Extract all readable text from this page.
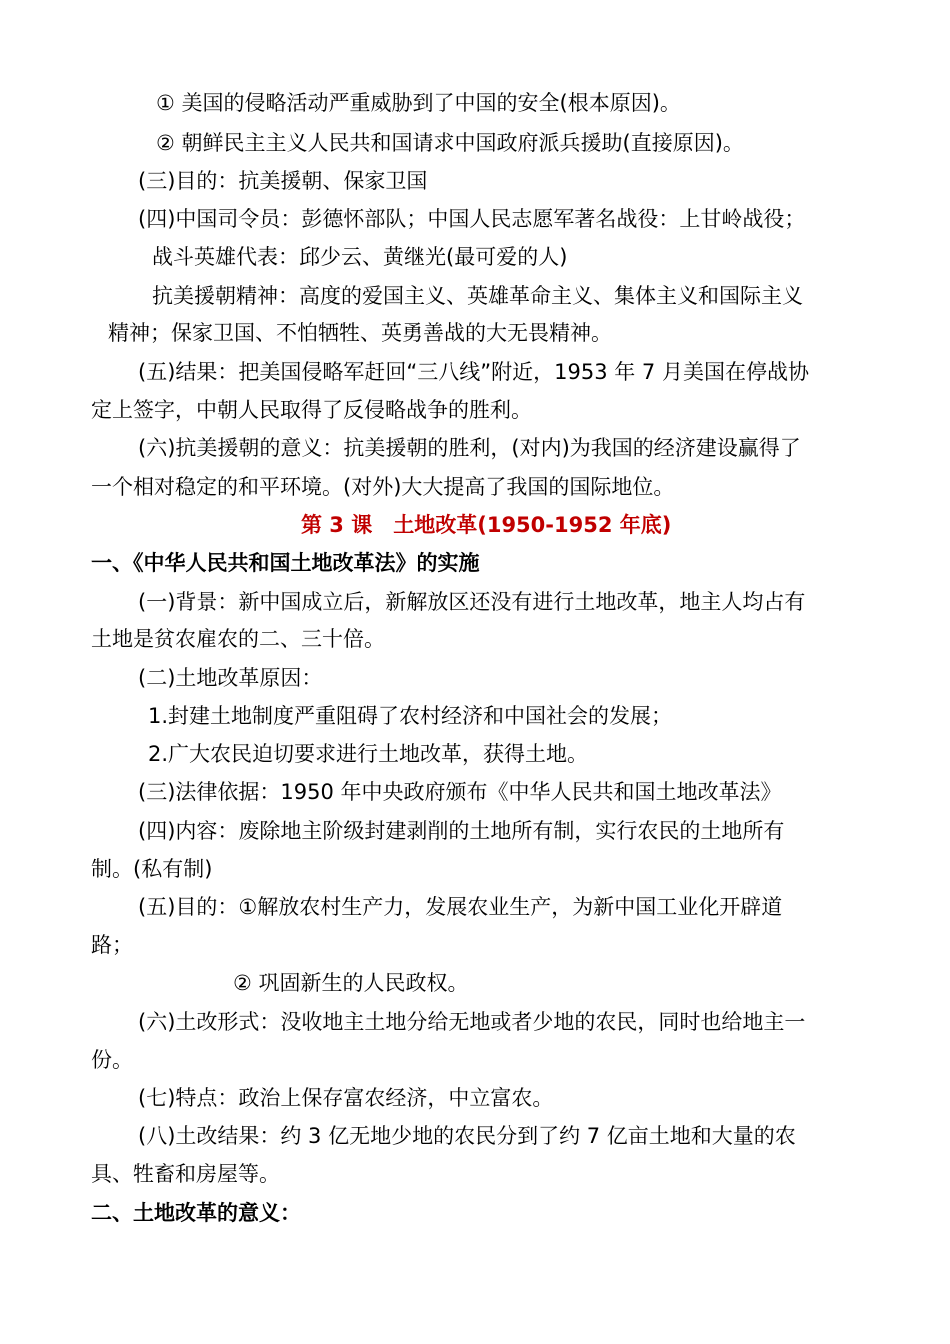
① 美国的侵略活动严重威胁到了中国的安全(根本原因)。
② 朝鲜民主主义人民共和国请求中国政府派兵援助(直接原因)。
(三)目的：抗美援朝、保家卫国
(四)中国司令员：彭德怀部队；中国人民志愿军著名战役：上甘岭战役；
战斗英雄代表：邱少云、黄继光(最可爱的人)
抗美援朝精神：高度的爱国主义、英雄革命主义、集体主义和国际主义
精神；保家卫国、不怕牺牲、英勇善战的大无畏精神。
(五)结果：把美国侵略军赶回“三八线”附近，1953 年 7 月美国在停战协
定上签字，中朝人民取得了反侵略战争的胜利。
(六)抗美援朝的意义：抗美援朝的胜利，(对内)为我国的经济建设赢得了
一个相对稳定的和平环境。(对外)大大提高了我国的国际地位。
第 3 课　土地改革(1950-1952 年底)
一、《中华人民共和国土地改革法》的实施
(一)背景：新中国成立后，新解放区还没有进行土地改革，地主人均占有
土地是贫农雇农的二、三十倍。
(二)土地改革原因：
1.封建土地制度严重阻碍了农村经济和中国社会的发展；
2.广大农民迫切要求进行土地改革，获得土地。
(三)法律依据：1950 年中央政府颁布《中华人民共和国土地改革法》
(四)内容：废除地主阶级封建剥削的土地所有制，实行农民的土地所有
制。(私有制)
(五)目的：①解放农村生产力，发展农业生产，为新中国工业化开辟道
路；
② 巩固新生的人民政权。
(六)土改形式：没收地主土地分给无地或者少地的农民，同时也给地主一
份。
(七)特点：政治上保存富农经济，中立富农。
(八)土改结果：约 3 亿无地少地的农民分到了约 7 亿亩土地和大量的农
具、牲畜和房屋等。
二、土地改革的意义：
